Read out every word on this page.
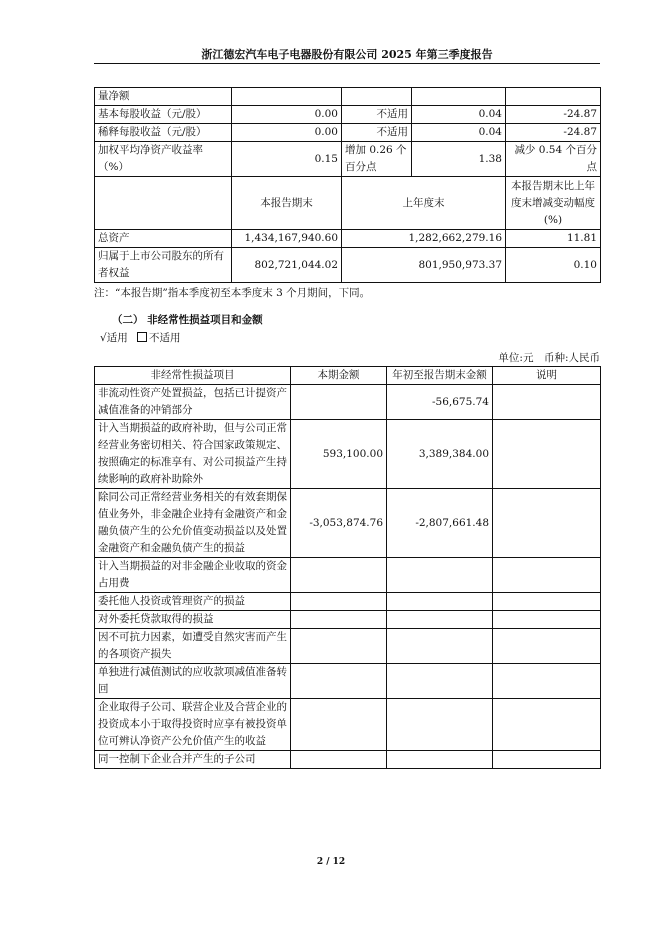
浙江德宏汽车电子电器股份有限公司 2025 年第三季度报告
量净额				
基本每股收益（元/股）	0.00	不适用	0.04	-24.87
稀释每股收益（元/股）	0.00	不适用	0.04	-24.87
加权平均净资产收益率（%）	0.15	增加 0.26 个百分点	1.38	减少 0.54 个百分点
	本报告期末	上年度末		本报告期末比上年度末增减变动幅度(%)
总资产	1,434,167,940.60	1,282,662,279.16		11.81
归属于上市公司股东的所有者权益	802,721,044.02	801,950,973.37		0.10
注：“本报告期”指本季度初至本季度末 3 个月期间，下同。
（二） 非经常性损益项目和金额
√适用 不适用
单位:元　币种:人民币
非经常性损益项目	本期金额	年初至报告期末金额	说明
非流动性资产处置损益，包括已计提资产减值准备的冲销部分		-56,675.74	
计入当期损益的政府补助，但与公司正常经营业务密切相关、符合国家政策规定、按照确定的标准享有、对公司损益产生持续影响的政府补助除外	593,100.00	3,389,384.00	
除同公司正常经营业务相关的有效套期保值业务外，非金融企业持有金融资产和金融负债产生的公允价值变动损益以及处置金融资产和金融负债产生的损益	-3,053,874.76	-2,807,661.48	
计入当期损益的对非金融企业收取的资金占用费			
委托他人投资或管理资产的损益			
对外委托贷款取得的损益			
因不可抗力因素，如遭受自然灾害而产生的各项资产损失			
单独进行减值测试的应收款项减值准备转回			
企业取得子公司、联营企业及合营企业的投资成本小于取得投资时应享有被投资单位可辨认净资产公允价值产生的收益			
同一控制下企业合并产生的子公司			
2 / 12
